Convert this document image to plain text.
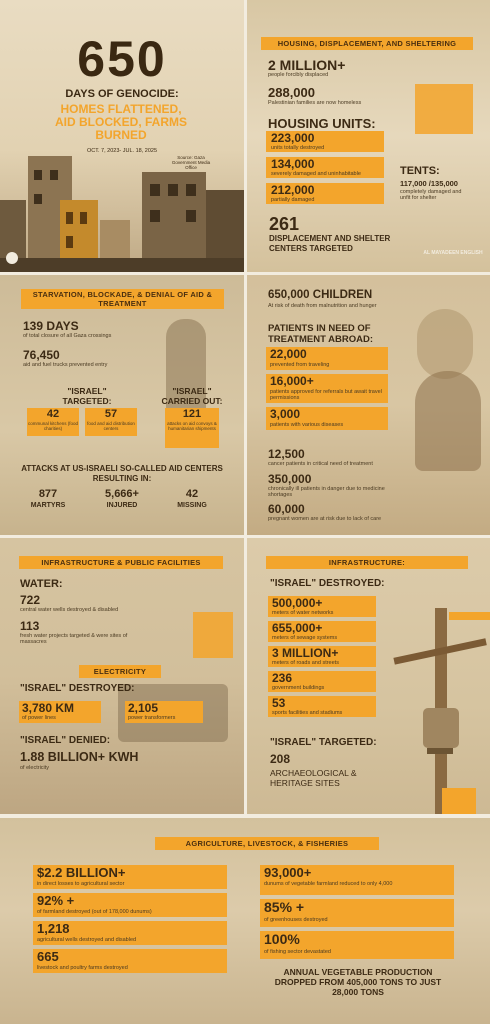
650
DAYS OF GENOCIDE:
HOMES FLATTENED, AID BLOCKED, FARMS BURNED
OCT. 7, 2023- JUL. 18, 2025
Source: Gaza Government Media Office
HOUSING, DISPLACEMENT, AND SHELTERING
2 MILLION+
people forcibly displaced
288,000
Palestinian families are now homeless
HOUSING UNITS:
223,000
units totally destroyed
134,000
severely damaged and uninhabitable
212,000
partially damaged
TENTS:
117,000 /135,000
completely damaged and unfit for shelter
261
DISPLACEMENT AND SHELTER CENTERS TARGETED	AL MAYADEEN ENGLISH
STARVATION, BLOCKADE, & DENIAL OF AID & TREATMENT
139 DAYS
of total closure of all Gaza crossings
76,450
aid and fuel trucks prevented entry
"ISRAEL" TARGETED:
42
communal kitchens (food charities)
57
food and aid distribution centers
"ISRAEL" CARRIED OUT:
121
attacks on aid convoys & humanitarian shipments
ATTACKS AT US-ISRAELI SO-CALLED AID CENTERS RESULTING IN:
877
MARTYRS
5,666+
INJURED
42
MISSING
650,000 CHILDREN
At risk of death from malnutrition and hunger
PATIENTS IN NEED OF TREATMENT ABROAD:
22,000
prevented from traveling
16,000+
patients approved for referrals but await travel permissions
3,000
patients with various diseases
12,500
cancer patients in critical need of treatment
350,000
chronically ill patients in danger due to medicine shortages
60,000
pregnant women are at risk due to lack of care
INFRASTRUCTURE & PUBLIC FACILITIES
WATER:
722
central water wells destroyed & disabled
113
fresh water projects targeted & were sites of massacres
ELECTRICITY
"ISRAEL" DESTROYED:
3,780 KM
of power lines
2,105
power transformers
"ISRAEL" DENIED:
1.88 BILLION+ KWH
of electricity
INFRASTRUCTURE:
"ISRAEL" DESTROYED:
500,000+
meters of water networks
655,000+
meters of sewage systems
3 MILLION+
meters of roads and streets
236
government buildings
53
sports facilities and stadiums
"ISRAEL" TARGETED:
208
ARCHAEOLOGICAL & HERITAGE SITES
AGRICULTURE, LIVESTOCK, & FISHERIES
$2.2 BILLION+
in direct losses to agricultural sector
92% +
of farmland destroyed (out of 178,000 dunums)
1,218
agricultural wells destroyed and disabled
665
livestock and poultry farms destroyed
93,000+
dunums of vegetable farmland reduced to only 4,000
85% +
of greenhouses destroyed
100%
of fishing sector devastated
ANNUAL VEGETABLE PRODUCTION DROPPED FROM 405,000 TONS TO JUST 28,000 TONS
